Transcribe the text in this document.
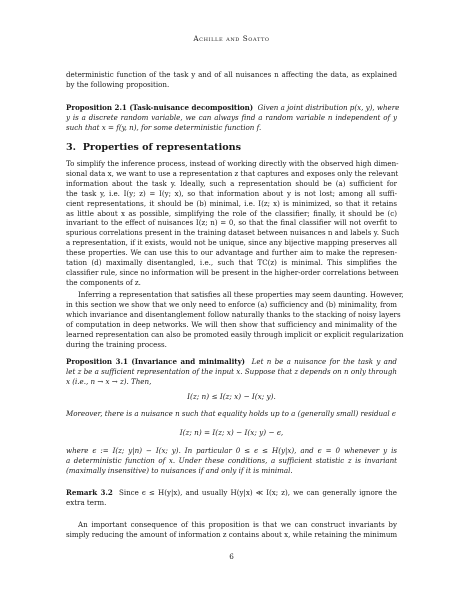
Achille and Soatto
deterministic function of the task y and of all nuisances n affecting the data, as explained
by the following proposition.
Proposition 2.1 (Task-nuisance decomposition) Given a joint distribution p(x, y), where
y is a discrete random variable, we can always find a random variable n independent of y
such that x = f(y, n), for some deterministic function f.
3. Properties of representations
To simplify the inference process, instead of working directly with the observed high dimen-
sional data x, we want to use a representation z that captures and exposes only the relevant
information about the task y. Ideally, such a representation should be (a) sufficient for
the task y, i.e. I(y; z) = I(y; x), so that information about y is not lost; among all suffi-
cient representations, it should be (b) minimal, i.e. I(z; x) is minimized, so that it retains
as little about x as possible, simplifying the role of the classifier; finally, it should be (c)
invariant to the effect of nuisances I(z; n) = 0, so that the final classifier will not overfit to
spurious correlations present in the training dataset between nuisances n and labels y. Such
a representation, if it exists, would not be unique, since any bijective mapping preserves all
these properties. We can use this to our advantage and further aim to make the represen-
tation (d) maximally disentangled, i.e., such that TC(z) is minimal. This simplifies the
classifier rule, since no information will be present in the higher-order correlations between
the components of z.
Inferring a representation that satisfies all these properties may seem daunting. However,
in this section we show that we only need to enforce (a) sufficiency and (b) minimality, from
which invariance and disentanglement follow naturally thanks to the stacking of noisy layers
of computation in deep networks. We will then show that sufficiency and minimality of the
learned representation can also be promoted easily through implicit or explicit regularization
during the training process.
Proposition 3.1 (Invariance and minimality) Let n be a nuisance for the task y and
let z be a sufficient representation of the input x. Suppose that z depends on n only through
x (i.e., n → x → z). Then,
I(z; n) ≤ I(z; x) − I(x; y).
Moreover, there is a nuisance n such that equality holds up to a (generally small) residual ϵ
I(z; n) = I(z; x) − I(x; y) − ϵ,
where ϵ := I(z; y|n) − I(x; y). In particular 0 ≤ ϵ ≤ H(y|x), and ϵ = 0 whenever y is
a deterministic function of x. Under these conditions, a sufficient statistic z is invariant
(maximally insensitive) to nuisances if and only if it is minimal.
Remark 3.2 Since ϵ ≤ H(y|x), and usually H(y|x) ≪ I(x; z), we can generally ignore the
extra term.
An important consequence of this proposition is that we can construct invariants by
simply reducing the amount of information z contains about x, while retaining the minimum
6
